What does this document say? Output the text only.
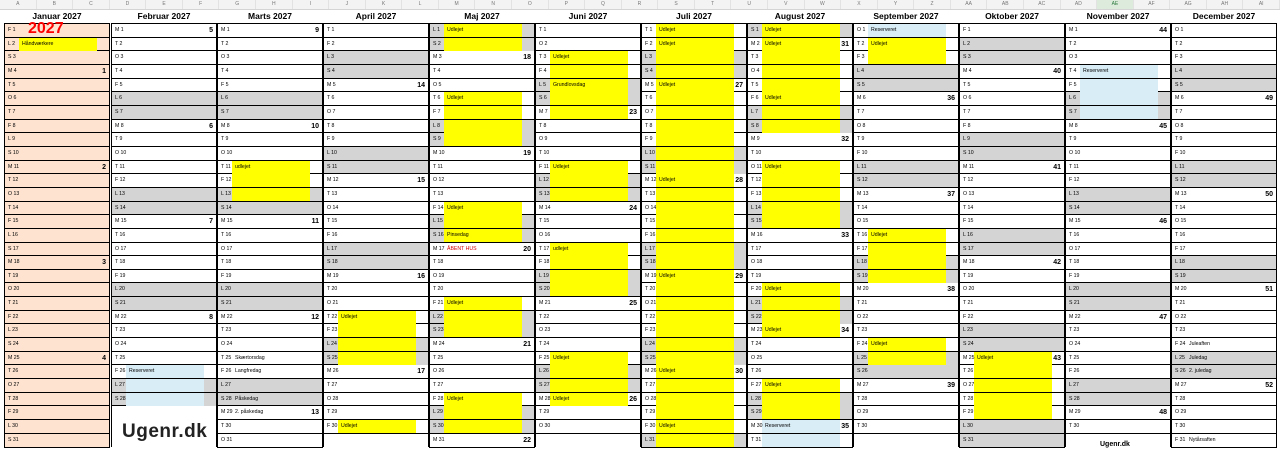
A	B	C	D	E	F	G	H	I	J	K	L	M	N	O	P	Q	R	S	T	U	V	W	X	Y	Z	AA	AB	AC	AD	AE	AF	AG	AH	AI
Januar 2027
F 1
L 2 Håndværkere
S 3
M 4	1
T 5
O 6
T 7
F 8
L 9
S 10
M 11	2
T 12
O 13
T 14
F 15
L 16
S 17
M 18	3
T 19
O 20
T 21
F 22
L 23
S 24
M 25	4
T 26
O 27
T 28
F 29
L 30
S 31
Februar 2027
M 1	5
T 2
O 3
T 4
F 5
L 6
S 7
M 8	6
T 9
O 10
T 11
F 12
L 13
S 14
M 15	7
T 16
O 17
T 18
F 19
L 20
S 21
M 22	8
T 23
O 24
T 25
F 26 Reserveret
L 27
S 28
Marts 2027
M 1	9
T 2
O 3
T 4
F 5
L 6
S 7
M 8	10
T 9
O 10
T 11 udlejet
F 12
L 13
S 14
M 15	11
T 16
O 17
T 18
F 19
L 20
S 21
M 22	12
T 23
O 24
T 25 Skærtorsdag
F 26 Langfredag
L 27
S 28 Påskedag
M 29 2. påskedag	13
T 30
O 31
April 2027
T 1
F 2
L 3
S 4
M 5	14
T 6
O 7
T 8
F 9
L 10
S 11
M 12	15
T 13
O 14
T 15
F 16
L 17
S 18
M 19	16
T 20
O 21
T 22 Udlejet
F 23
L 24
S 25
M 26	17
T 27
O 28
T 29
F 30 Udlejet
Maj 2027
L 1 Udlejet
S 2
M 3	18
T 4
O 5
T 6 Udlejet
F 7
L 8
S 9
M 10	19
T 11
O 12
T 13
F 14 Udlejet
L 15
S 16 Pinsedag
M 17 ÅBENT HUS	20
T 18
O 19
T 20
F 21 Udlejet
L 22
S 23
M 24	21
T 25
O 26
T 27
F 28 Udlejet
L 29
S 30
M 31	22
Juni 2027
T 1
O 2
T 3 Udlejet
F 4
L 5 Grundlovsdag
S 6
M 7	23
T 8
O 9
T 10
F 11 Udlejet
L 12
S 13
M 14	24
T 15
O 16
T 17 udlejet
F 18
L 19
S 20
M 21	25
T 22
O 23
T 24
F 25 Udlejet
L 26
S 27
M 28 Udlejet	26
T 29
O 30
Juli 2027
T 1 Udlejet
F 2 Udlejet
L 3
S 4
M 5 Udlejet	27
T 6
O 7
T 8
F 9
L 10
S 11
M 12 Udlejet	28
T 13
O 14
T 15
F 16
L 17
S 18
M 19 Udlejet	29
T 20
O 21
T 22
F 23
L 24
S 25
M 26 Udlejet	30
T 27
O 28
T 29
F 30 Udlejet
L 31
August 2027
S 1 Udlejet
M 2 Udlejet	31
T 3
O 4
T 5
F 6 Udlejet
L 7
S 8
M 9	32
T 10
O 11 Udlejet
T 12
F 13
L 14
S 15
M 16	33
T 17
O 18
T 19
F 20 Udlejet
L 21
S 22
M 23 Udlejet	34
T 24
O 25
T 26
F 27 Udlejet
L 28
S 29
M 30 Reserveret	35
T 31
September 2027
O 1 Reserveret
T 2 Udlejet
F 3
L 4
S 5
M 6	36
T 7
O 8
T 9
F 10
L 11
S 12
M 13	37
T 14
O 15
T 16 Udlejet
F 17
L 18
S 19
M 20	38
T 21
O 22
T 23
F 24 Udlejet
L 25
S 26
M 27	39
T 28
O 29
T 30
Oktober 2027
F 1
L 2
S 3
M 4	40
T 5
O 6
T 7
F 8
L 9
S 10
M 11	41
T 12
O 13
T 14
F 15
L 16
S 17
M 18	42
T 19
O 20
T 21
F 22
L 23
S 24
M 25 Udlejet	43
T 26
O 27
T 28
F 29
L 30
S 31
November 2027
M 1	44
T 2
O 3
T 4 Reserveret
F 5
L 6
S 7
M 8	45
T 9
O 10
T 11
F 12
L 13
S 14
M 15	46
T 16
O 17
T 18
F 19
L 20
S 21
M 22	47
T 23
O 24
T 25
F 26
L 27
S 28
M 29	48
T 30
December 2027
O 1
T 2
F 3
L 4
S 5
M 6	49
T 7
O 8
T 9
F 10
L 11
S 12
M 13	50
T 14
O 15
T 16
F 17
L 18
S 19
M 20	51
T 21
O 22
T 23
F 24 Juleaften
L 25 Juledag
S 26 2. juledag
M 27	52
T 28
O 29
T 30
F 31 Nytårsaften
2027
Ugenr.dk
Ugenr.dk
